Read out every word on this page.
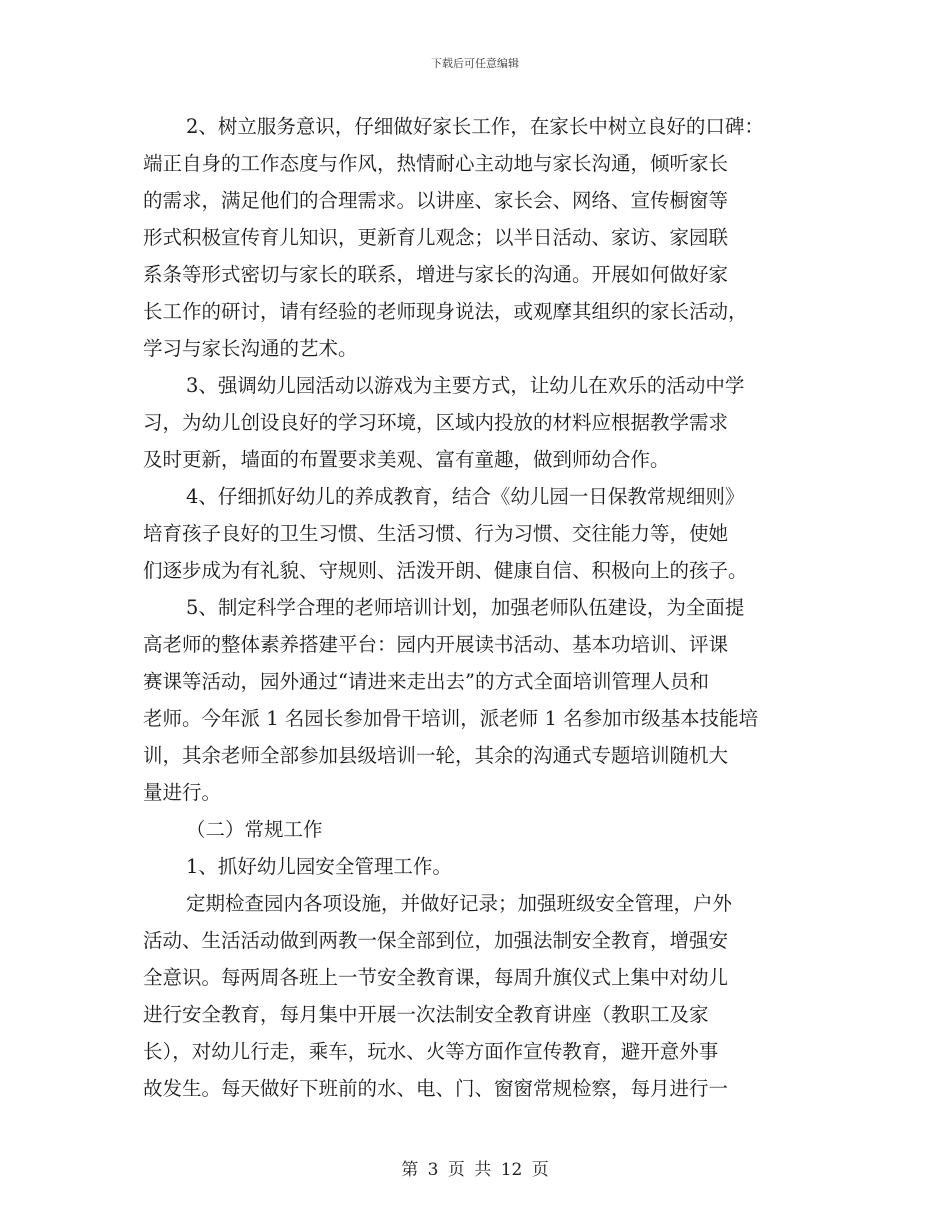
下载后可任意编辑
2、树立服务意识，仔细做好家长工作，在家长中树立良好的口碑：
端正自身的工作态度与作风，热情耐心主动地与家长沟通，倾听家长
的需求，满足他们的合理需求。以讲座、家长会、网络、宣传橱窗等
形式积极宣传育儿知识，更新育儿观念；以半日活动、家访、家园联
系条等形式密切与家长的联系，增进与家长的沟通。开展如何做好家
长工作的研讨，请有经验的老师现身说法，或观摩其组织的家长活动，
学习与家长沟通的艺术。
3、强调幼儿园活动以游戏为主要方式，让幼儿在欢乐的活动中学
习，为幼儿创设良好的学习环境，区域内投放的材料应根据教学需求
及时更新，墙面的布置要求美观、富有童趣，做到师幼合作。
4、仔细抓好幼儿的养成教育，结合《幼儿园一日保教常规细则》
培育孩子良好的卫生习惯、生活习惯、行为习惯、交往能力等，使她
们逐步成为有礼貌、守规则、活泼开朗、健康自信、积极向上的孩子。
5、制定科学合理的老师培训计划，加强老师队伍建设，为全面提
高老师的整体素养搭建平台：园内开展读书活动、基本功培训、评课
赛课等活动，园外通过“请进来走出去”的方式全面培训管理人员和
老师。今年派 1 名园长参加骨干培训，派老师 1 名参加市级基本技能培
训，其余老师全部参加县级培训一轮，其余的沟通式专题培训随机大
量进行。
（二）常规工作
1、抓好幼儿园安全管理工作。
定期检查园内各项设施，并做好记录；加强班级安全管理，户外
活动、生活活动做到两教一保全部到位，加强法制安全教育，增强安
全意识。每两周各班上一节安全教育课，每周升旗仪式上集中对幼儿
进行安全教育，每月集中开展一次法制安全教育讲座（教职工及家
长），对幼儿行走，乘车，玩水、火等方面作宣传教育，避开意外事
故发生。每天做好下班前的水、电、门、窗窗常规检察，每月进行一
第 3 页 共 12 页
